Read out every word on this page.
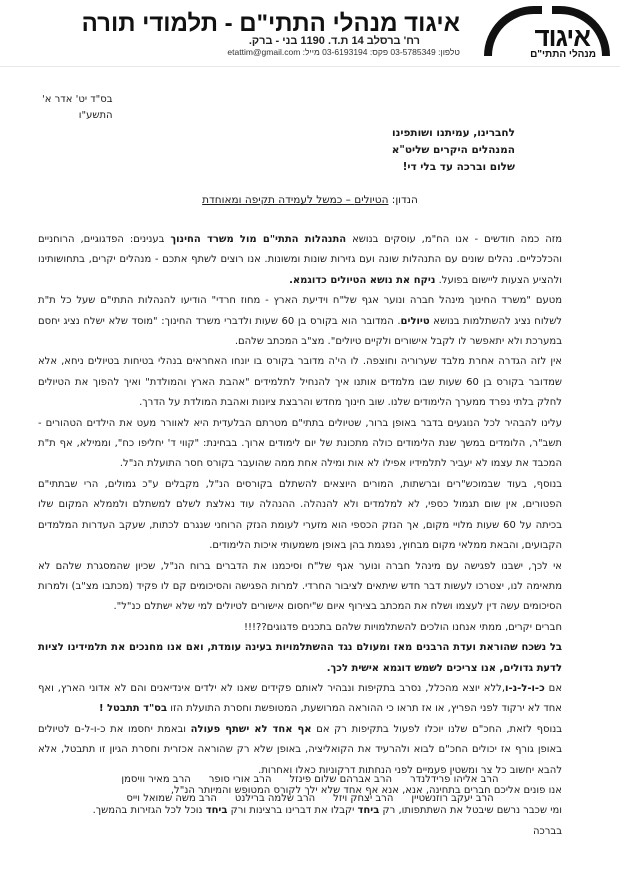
איגוד
מנהלי התתי"ם
איגוד מנהלי התתי"ם - תלמודי תורה
רח' ברסלב 14 ת.ד. 1190 בני - ברק.
טלפון: 03-5785349 פקס: 03-6193194 מייל: etattim@gmail.com
בס"ד יט' אדר א'
התשע"ו
לחברינו, עמיתנו ושותפינו
המנהלים היקרים שליט"א
שלום וברכה עד בלי די!
הנדון: הטיולים – כמשל לעמידה תקיפה ומאוחדת

מזה כמה חודשים - אנו הח"מ, עוסקים בנושא התנהלות התתי"ם מול משרד החינוך בענינים: הפדגוגיים, הרוחניים והכלכליים. נהלים שונים עם התנהלות שונה ועם גזירות שונות ומשונות. אנו רוצים לשתף אתכם - מנהלים יקרים, בתחושותינו ולהציע הצעות ליישום בפועל. ניקח את נושא הטיולים כדוגמא.

מטעם "משרד החינוך מינהל חברה ונוער אגף של"ח וידיעת הארץ - מחוז חרדי" הודיעו להנהלות התתי"ם שעל כל ת"ת לשלוח נציג להשתלמות בנושא טיולים. המדובר הוא בקורס בן 60 שעות ולדברי משרד החינוך: "מוסד שלא ישלח נציג יחסם במערכת ולא יתאפשר לו לקבל אישורים ולקיים טיולים". מצ"ב המכתב שלהם.

אין לזה הגדרה אחרת מלבד שערוריה וחוצפה. לו הי'ה מדובר בקורס בו יונחו האחראים בנהלי בטיחות בטיולים ניחא, אלא שמדובר בקורס בן 60 שעות שבו מלמדים אותנו איך להנחיל לתלמידים "אהבת הארץ והמולדת" ואיך להפוך את הטיולים לחלק בלתי נפרד ממערך הלימודים שלנו. שוב חינוך מחדש והרבצת ציונות ואהבת המולדת על הדרך.

עלינו להבהיר לכל הנוגעים בדבר באופן ברור, שטיולים בתתי"ם מטרתם הבלעדית היא לאוורר מעט את הילדים הטהורים - תשב"ר, הלומדים במשך שנת הלימודים כולה מתכונת של יום לימודים ארוך. בבחינת: "קווי ד' יחליפו כח", וממילא, אף ת"ת המכבד את עצמו לא יעביר לתלמידיו אפילו לא אות ומילה אחת ממה שהועבר בקורס חסר התועלת הנ"ל.

בנוסף, בעוד שבמוכש"רים וברשתות, המורים היוצאים להשתלם בקורסים הנ"ל, מקבלים ע"כ גמולים, הרי שבתתי"ם הפטורים, אין שום תגמול כספי, לא למלמדים ולא להנהלה. ההנהלה עוד נאלצת לשלם למשתלם ולממלא המקום שלו בכיתה על 60 שעות מלויי מקום, אך הנזק הכספי הוא מזערי לעומת הנזק הרוחני שנגרם לכתות, שעקב העדרות המלמדים הקבועים, והבאת ממלאי מקום מבחוץ, נפגמת בהן באופן משמעותי איכות הלימודים.

אי לכך, ישבנו לפגישה עם מינהל חברה ונוער אגף של"ח וסיכמנו את הדברים ברוח הנ"ל, שכיון שהמסגרת שלהם לא מתאימה לנו, יצטרכו לעשות דבר חדש שיתאים לציבור החרדי. למרות הפגישה והסיכומים קם לו פקיד (מכתבו מצ"ב) ולמרות הסיכומים עשה דין לעצמו ושלח את המכתב בצירוף איום ש"יחסום אישורים לטיולים למי שלא ישתלם כנ"ל".

חברים יקרים, ממתי אנחנו הולכים להשתלמויות שלהם בתכנים פדגוגים??!!!

בל נשכח שהוראת ועדת הרבנים מאז ומעולם נגד ההשתלמויות בעינה עומדת, ואם אנו מחנכים את תלמידינו לציות לדעת גדולים, אנו צריכים לשמש דוגמא אישית לכך.

אם כ-ו-ל-נ-ו,ללא יוצא מהכלל, נסרב בתקיפות ונבהיר לאותם פקידים שאנו לא ילדים אינדיאנים והם לא אדוני הארץ, ואף אחד לא ירקוד לפני הפריץ, או אז תראו כי ההוראה המרושעת, המטופשת וחסרת התועלת הזו בס"ד תתבטל !

בנוסף לזאת, החכ"ם שלנו יוכלו לפעול בתקיפות רק אם אף אחד לא ישתף פעולה ובאמת יחסמו את כ-ו-ל-ם לטיולים באופן גורף אז יכולים החכ"ם לבוא ולהרעיד את הקואליציה, באופן שלא רק שהוראה אכזרית וחסרת הגיון זו תתבטל, אלא להבא יחשוב כל צר ומשטין פעמיים לפני הנחתות דרקוניות כאלו ואחרות.

אנו פונים אליכם חברים בתחינה, אנא, אנא אף אחד שלא ילך לקורס המטופש והמיותר הנ"ל,

ומי שכבר נרשם שיבטל את השתתפותו, רק ביחד יקבלו את דברינו ברצינות ורק ביחד נוכל לכל הגזירות בהמשך.

בברכה

הרב אליהו פרידלנדרהרב אברהם שלום פינזלהרב אורי סופרהרב מאיר וויסמן
הרב יעקב רוזנשטייןהרב יצחק ויזלהרב שלמה ברילנטהרב משה שמואל וייס
